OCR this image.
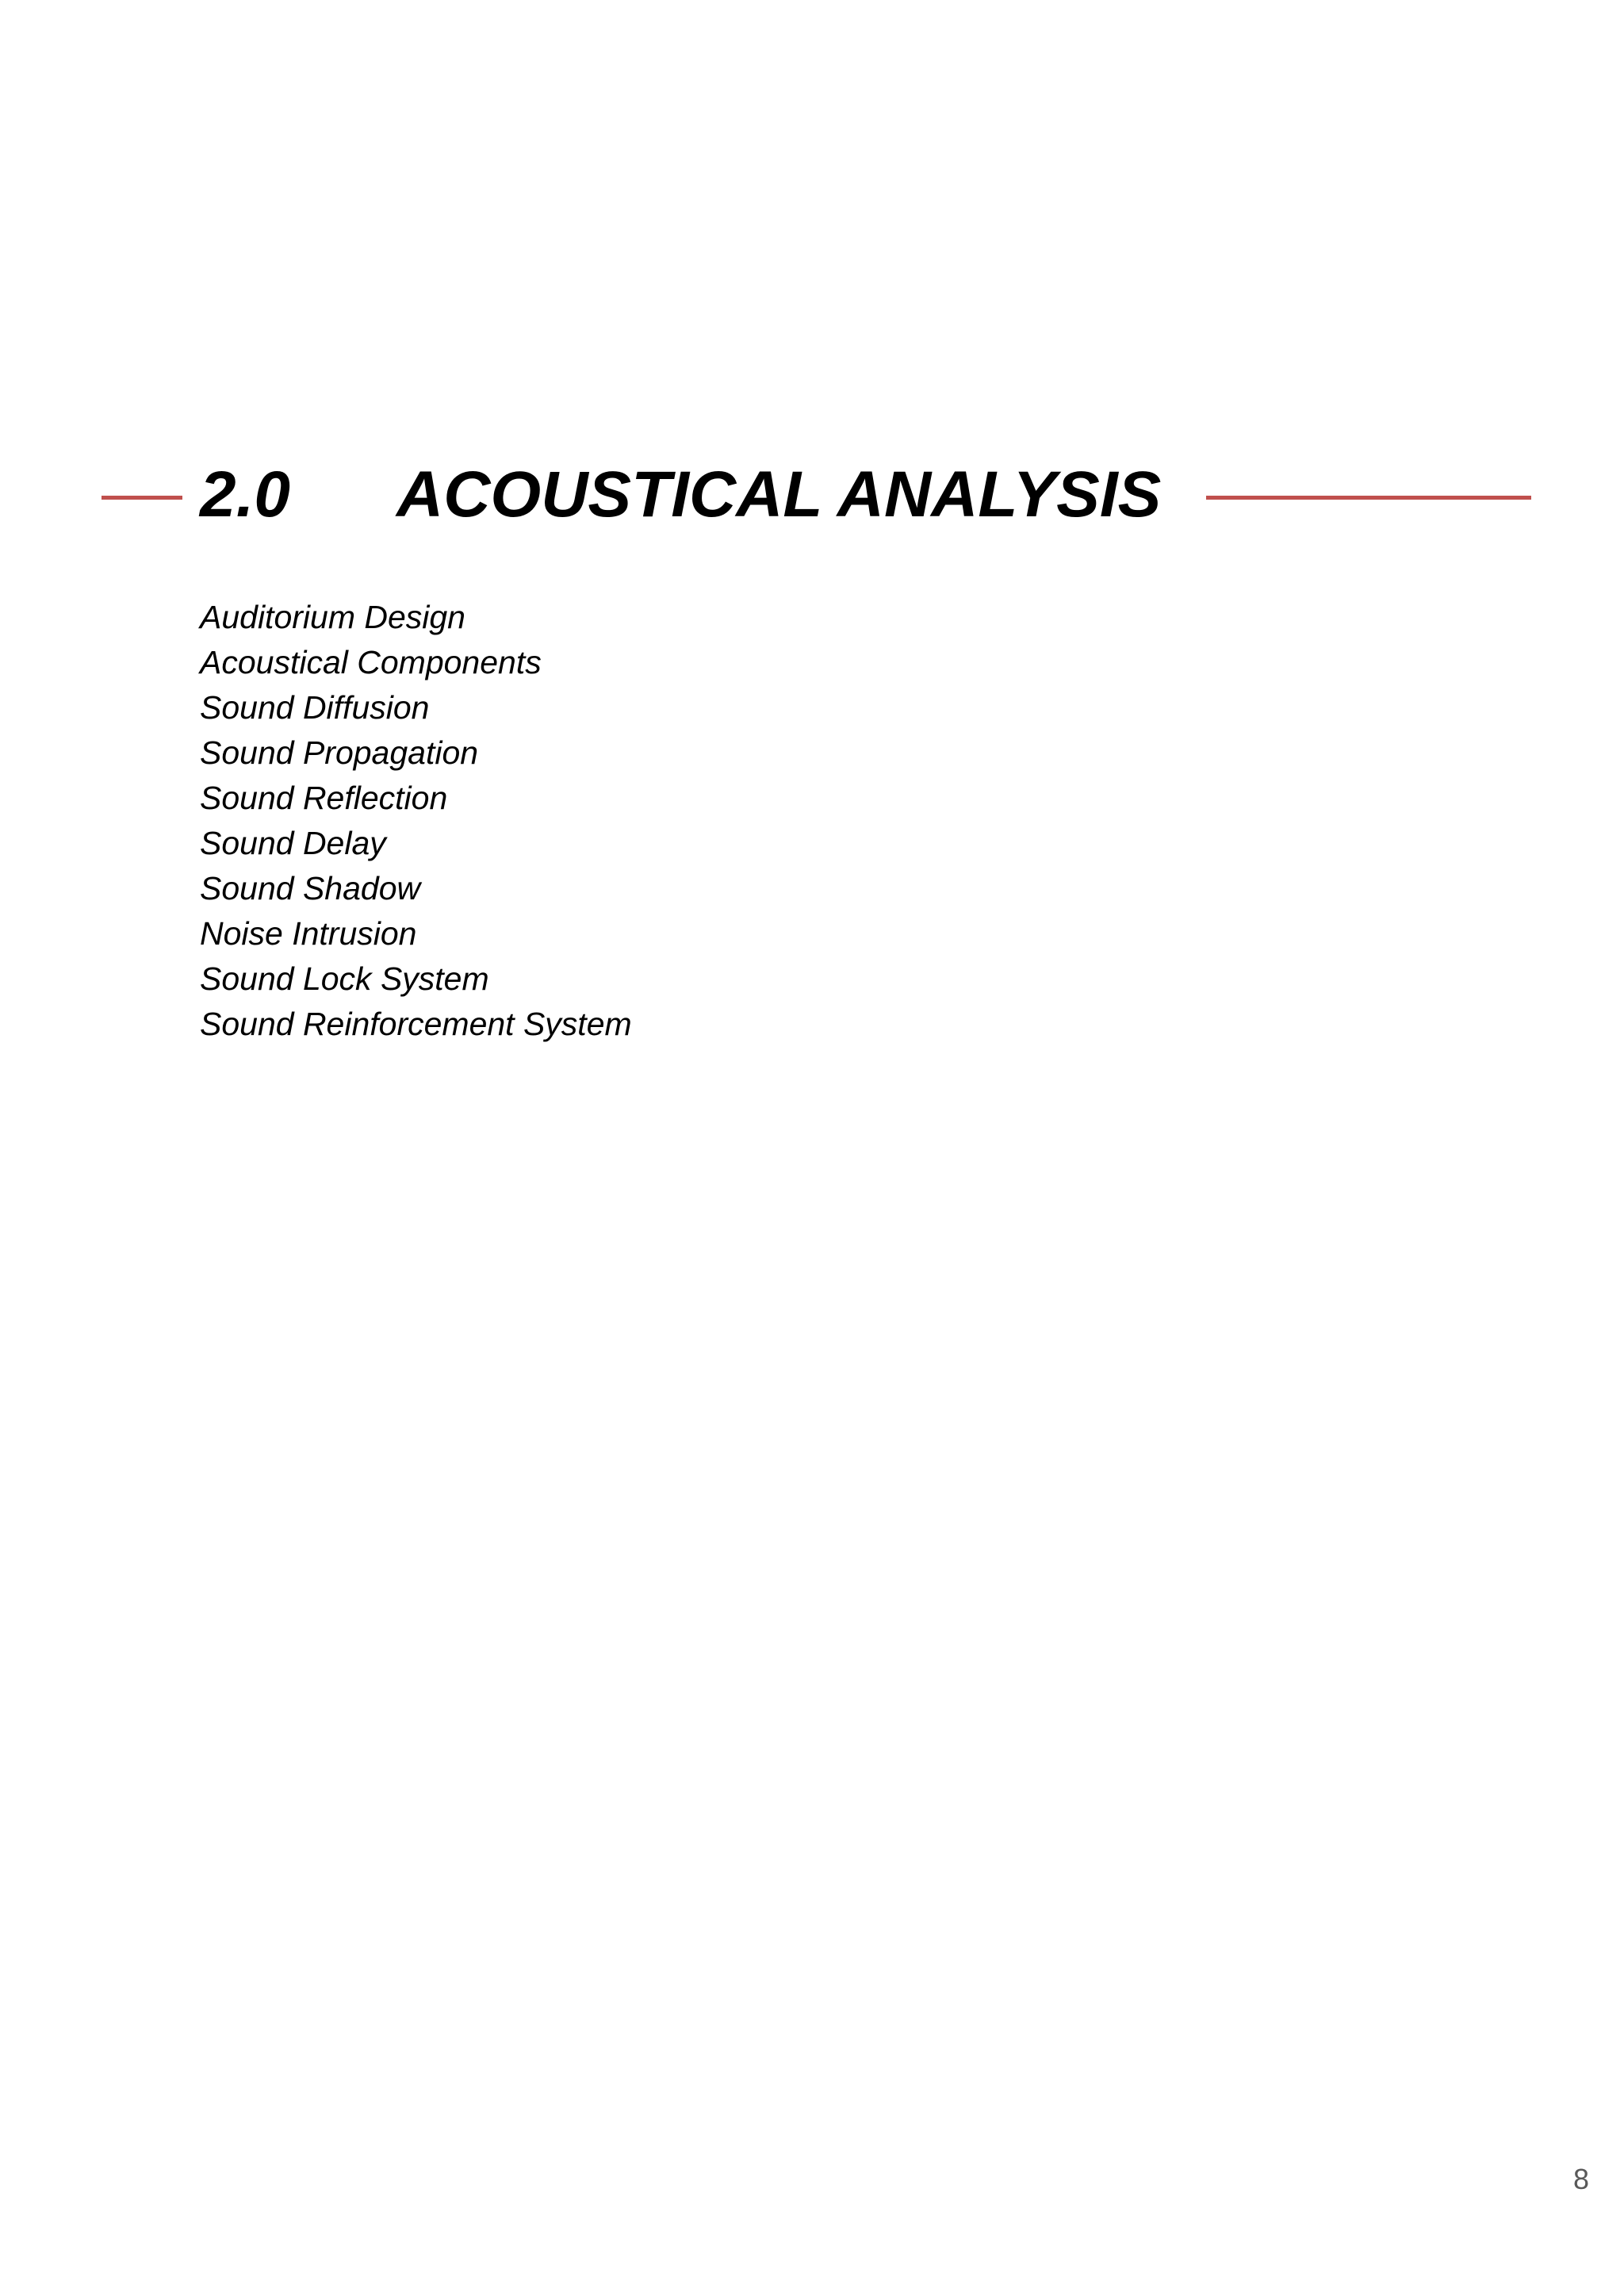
2.0 ACOUSTICAL ANALYSIS
Auditorium Design
Acoustical Components
Sound Diffusion
Sound Propagation
Sound Reflection
Sound Delay
Sound Shadow
Noise Intrusion
Sound Lock System
Sound Reinforcement System
8
